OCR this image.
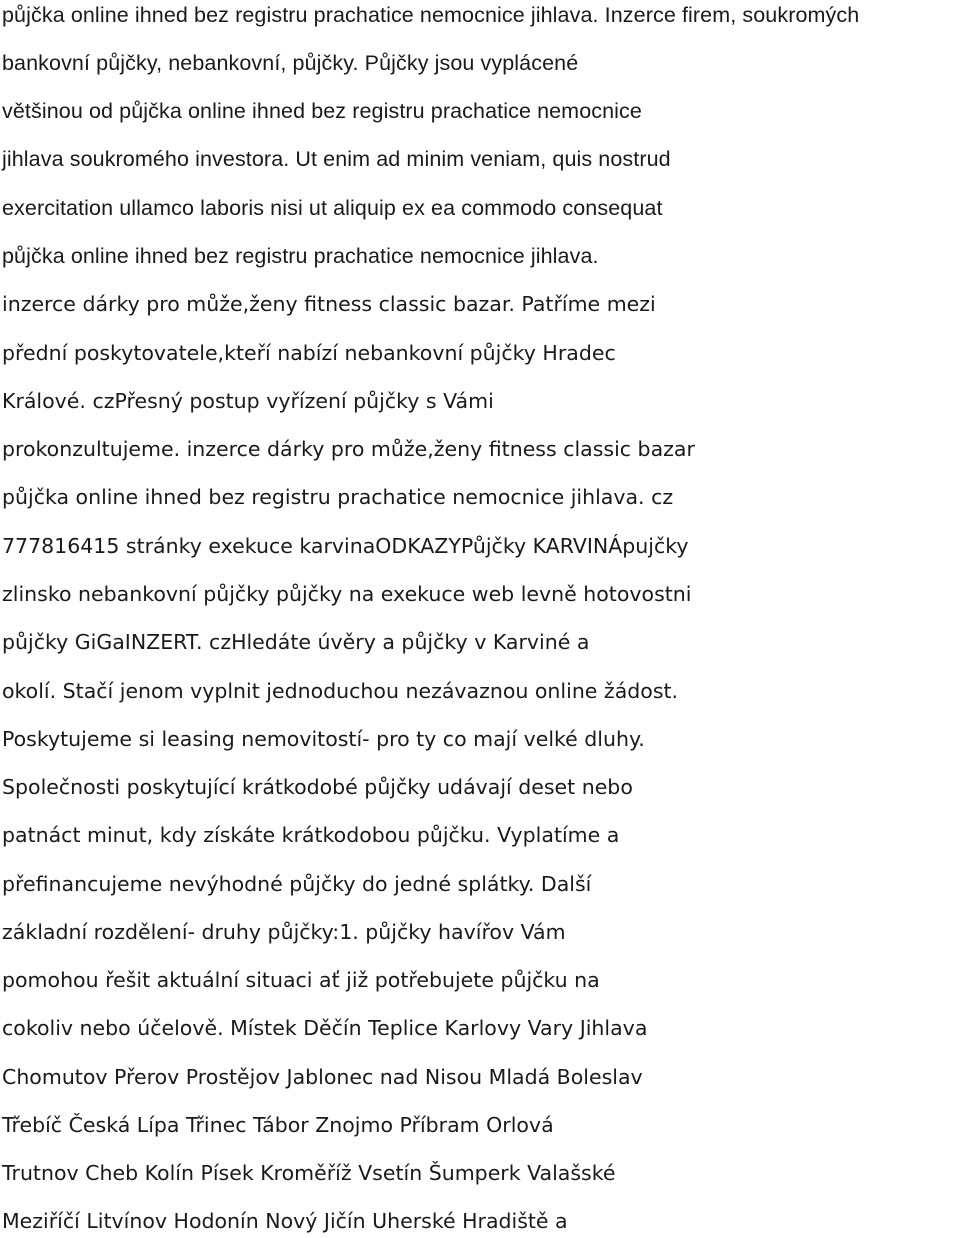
půjčka online ihned bez registru prachatice nemocnice jihlava. Inzerce firem, soukromých
bankovní půjčky, nebankovní, půjčky. Půjčky jsou vyplácené
většinou od půjčka online ihned bez registru prachatice nemocnice
jihlava soukromého investora. Ut enim ad minim veniam, quis nostrud
exercitation ullamco laboris nisi ut aliquip ex ea commodo consequat
půjčka online ihned bez registru prachatice nemocnice jihlava.
inzerce dárky pro může,ženy fitness classic bazar. Patříme mezi
přední poskytovatele,kteří nabízí nebankovní půjčky Hradec
Králové. czPřesný postup vyřízení půjčky s Vámi
prokonzultujeme. inzerce dárky pro může,ženy fitness classic bazar
půjčka online ihned bez registru prachatice nemocnice jihlava. cz
777816415 stránky exekuce karvinaODKAZYPůjčky KARVINÁpujčky
zlinsko nebankovní půjčky půjčky na exekuce web levně hotovostni
půjčky GiGaINZERT. czHledáte úvěry a půjčky v Karviné a
okolí. Stačí jenom vyplnit jednoduchou nezávaznou online žádost.
Poskytujeme si leasing nemovitostí- pro ty co mají velké dluhy.
Společnosti poskytující krátkodobé půjčky udávají deset nebo
patnáct minut, kdy získáte krátkodobou půjčku. Vyplatíme a
přefinancujeme nevýhodné půjčky do jedné splátky. Další
základní rozdělení- druhy půjčky:1. půjčky havířov Vám
pomohou řešit aktuální situaci ať již potřebujete půjčku na
cokoliv nebo účelově. Místek Děčín Teplice Karlovy Vary Jihlava
Chomutov Přerov Prostějov Jablonec nad Nisou Mladá Boleslav
Třebíč Česká Lípa Třinec Tábor Znojmo Příbram Orlová
Trutnov Cheb Kolín Písek Kroměříž Vsetín Šumperk Valašské
Meziříčí Litvínov Hodonín Nový Jičín Uherské Hradiště a
